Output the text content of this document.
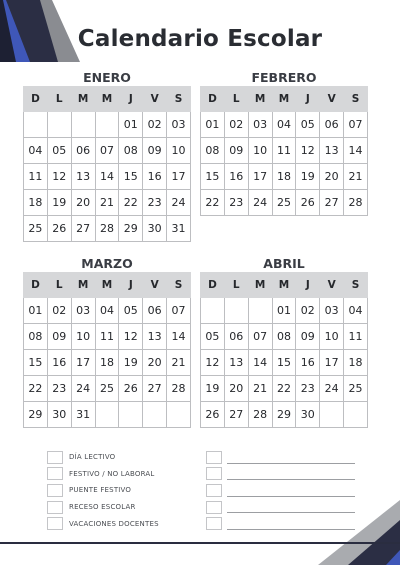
Calendario Escolar
ENERO
D	L	M	M	J	V	S
				01	02	03
04	05	06	07	08	09	10
11	12	13	14	15	16	17
18	19	20	21	22	23	24
25	26	27	28	29	30	31
FEBRERO
D	L	M	M	J	V	S
01	02	03	04	05	06	07
08	09	10	11	12	13	14
15	16	17	18	19	20	21
22	23	24	25	26	27	28
MARZO
D	L	M	M	J	V	S
01	02	03	04	05	06	07
08	09	10	11	12	13	14
15	16	17	18	19	20	21
22	23	24	25	26	27	28
29	30	31				
ABRIL
D	L	M	M	J	V	S
			01	02	03	04
05	06	07	08	09	10	11
12	13	14	15	16	17	18
19	20	21	22	23	24	25
26	27	28	29	30		
DÍA LECTIVO
FESTIVO / NO LABORAL
PUENTE FESTIVO
RECESO ESCOLAR
VACACIONES DOCENTES
